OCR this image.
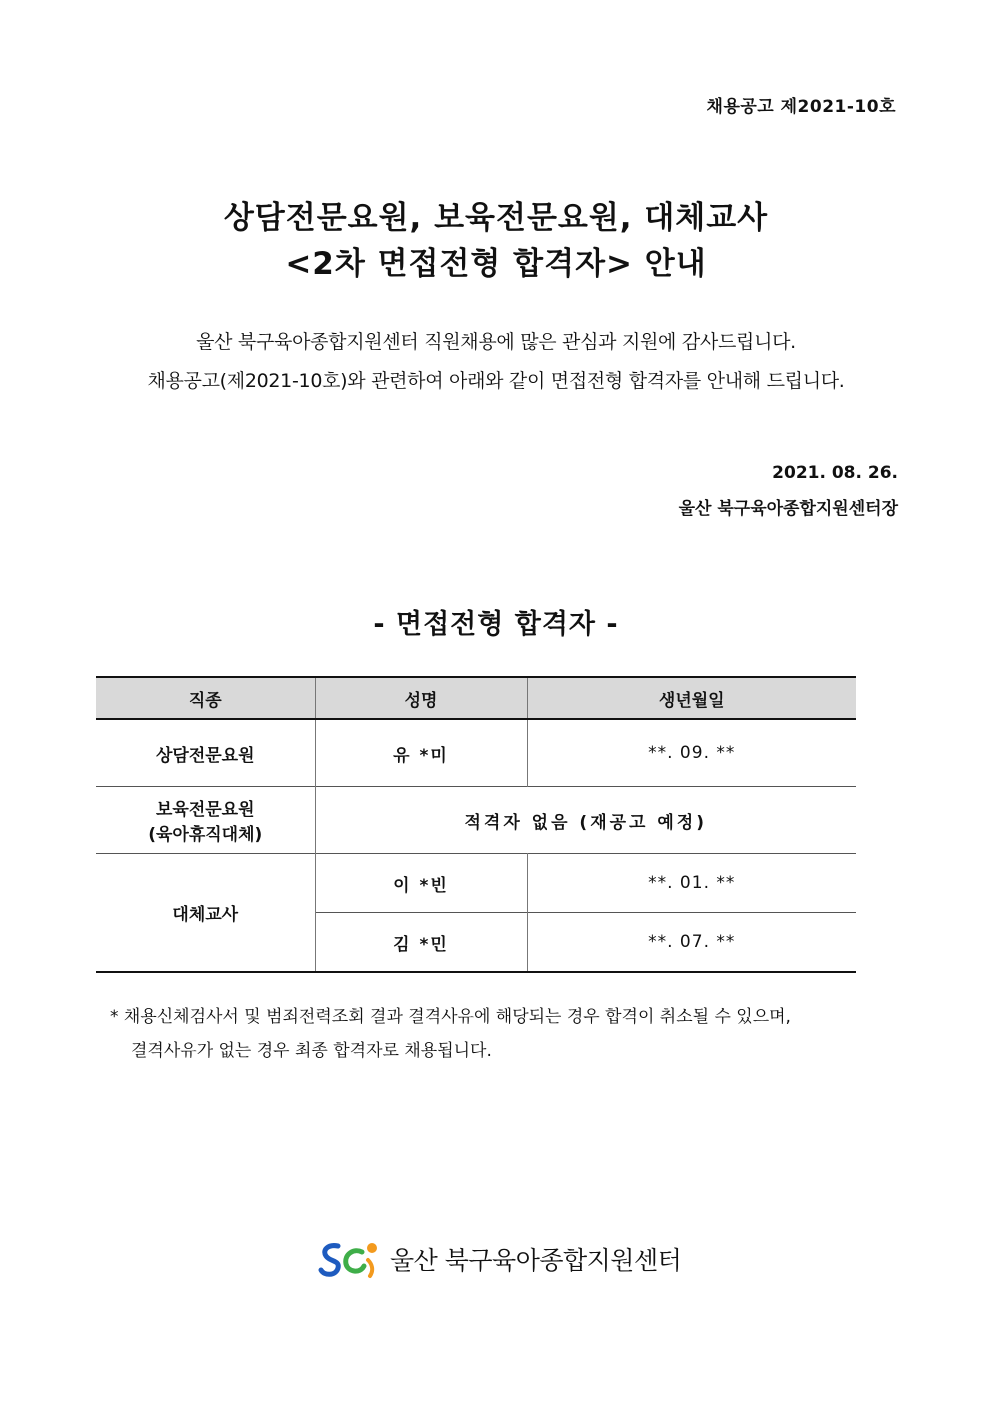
채용공고 제2021-10호
상담전문요원, 보육전문요원, 대체교사
<2차 면접전형 합격자> 안내
울산 북구육아종합지원센터 직원채용에 많은 관심과 지원에 감사드립니다.
채용공고(제2021-10호)와 관련하여 아래와 같이 면접전형 합격자를 안내해 드립니다.
2021. 08. 26.
울산 북구육아종합지원센터장
- 면접전형 합격자 -
직종	성명	생년월일
상담전문요원	유 *미	**. 09. **

보육전문요원
(육아휴직대체)	적격자 없음 (재공고 예정)	
대체교사	이 *빈	**. 01. **
	김 *민	**. 07. **
* 채용신체검사서 및 범죄전력조회 결과 결격사유에 해당되는 경우 합격이 취소될 수 있으며,
결격사유가 없는 경우 최종 합격자로 채용됩니다.
울산 북구육아종합지원센터
